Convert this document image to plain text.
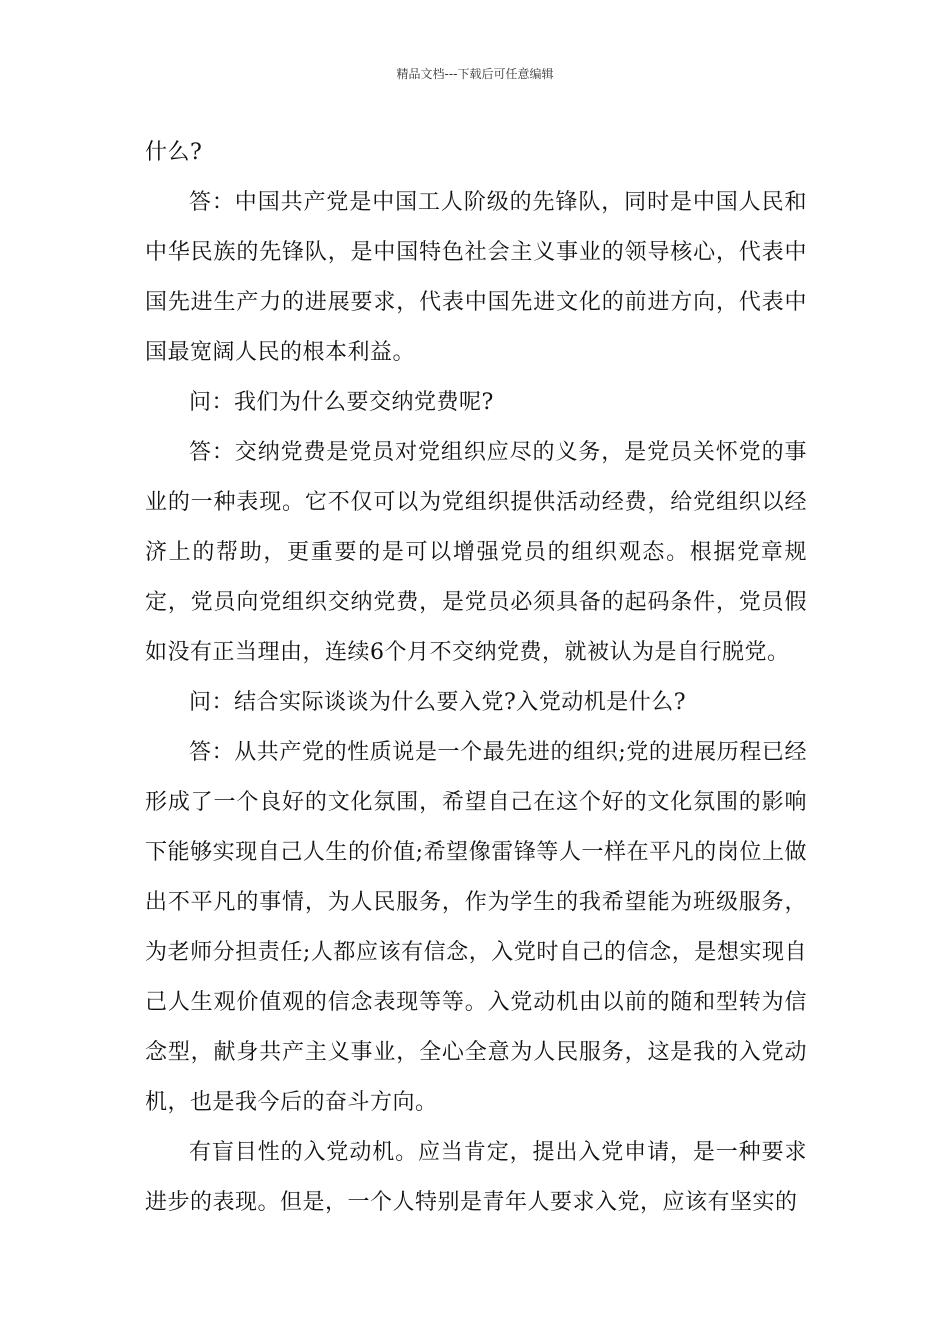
精品文档---下载后可任意编辑

什么?

答：中国共产党是中国工人阶级的先锋队，同时是中国人民和中华民族的先锋队，是中国特色社会主义事业的领导核心，代表中国先进生产力的进展要求，代表中国先进文化的前进方向，代表中国最宽阔人民的根本利益。

问：我们为什么要交纳党费呢?

答：交纳党费是党员对党组织应尽的义务，是党员关怀党的事业的一种表现。它不仅可以为党组织提供活动经费，给党组织以经济上的帮助，更重要的是可以增强党员的组织观态。根据党章规定，党员向党组织交纳党费，是党员必须具备的起码条件，党员假如没有正当理由，连续6个月不交纳党费，就被认为是自行脱党。

问：结合实际谈谈为什么要入党?入党动机是什么?

答：从共产党的性质说是一个最先进的组织;党的进展历程已经形成了一个良好的文化氛围，希望自己在这个好的文化氛围的影响下能够实现自己人生的价值;希望像雷锋等人一样在平凡的岗位上做出不平凡的事情，为人民服务，作为学生的我希望能为班级服务，为老师分担责任;人都应该有信念，入党时自己的信念，是想实现自己人生观价值观的信念表现等等。入党动机由以前的随和型转为信念型，献身共产主义事业，全心全意为人民服务，这是我的入党动机，也是我今后的奋斗方向。

有盲目性的入党动机。应当肯定，提出入党申请，是一种要求进步的表现。但是，一个人特别是青年人要求入党，应该有坚实的
